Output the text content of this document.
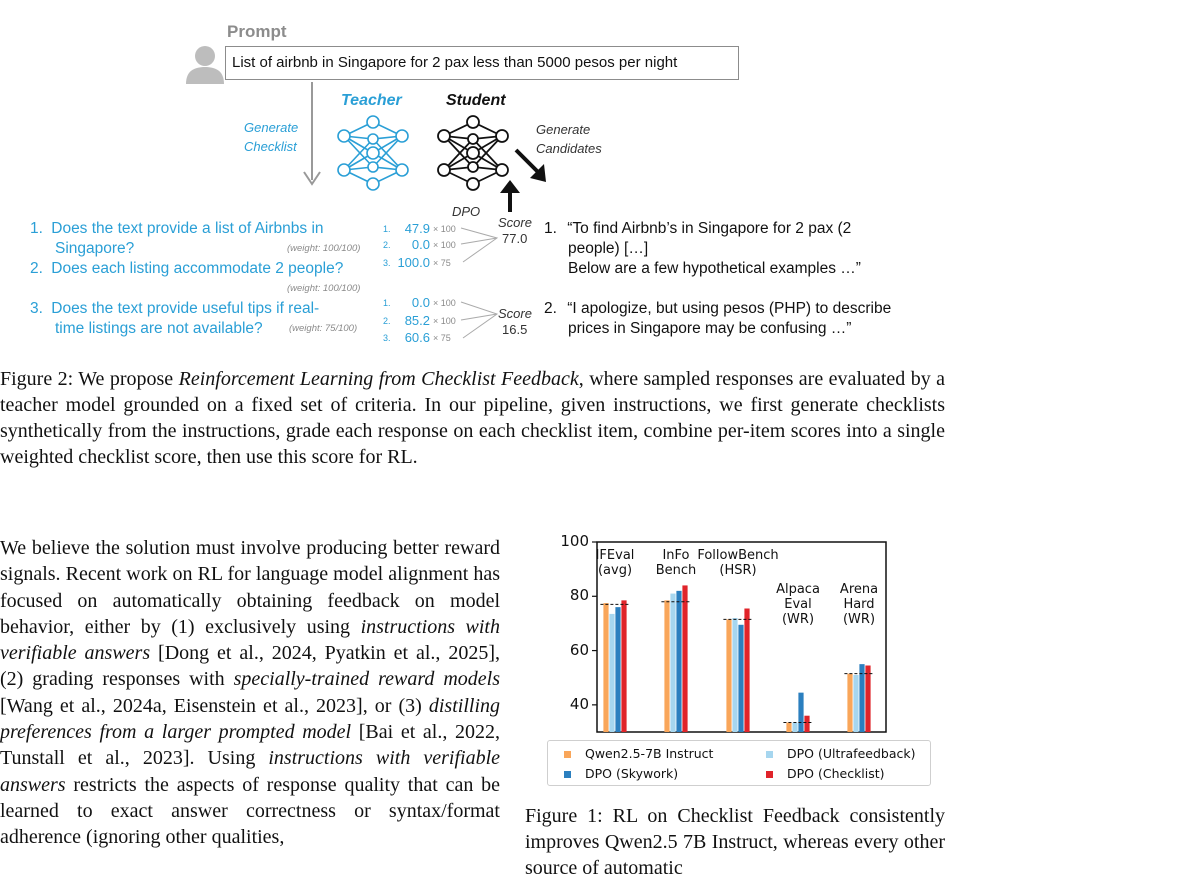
Prompt
List of airbnb in Singapore for 2 pax less than 5000 pesos per night
Teacher	Student
Generate
Checklist
Generate
Candidates
DPO
1. Does the text provide a list of Airbnbs in
Singapore?	(weight: 100/100)
2. Does each listing accommodate 2 people?
(weight: 100/100)
3. Does the text provide useful tips if real-
time listings are not available?	(weight: 75/100)
1.	47.9 × 100
2.	0.0 × 100
3. 100.0 × 75
Score
77.0
1.	0.0 × 100
2.	85.2 × 100
3.	60.6 × 75
Score
16.5
1. “To find Airbnb’s in Singapore for 2 pax (2
people) […]
Below are a few hypothetical examples …”
2. “I apologize, but using pesos (PHP) to describe
prices in Singapore may be confusing …”
Figure 2: We propose Reinforcement Learning from Checklist Feedback, where sampled responses are evaluated by a teacher model grounded on a fixed set of criteria. In our pipeline, given instructions, we first generate checklists synthetically from the instructions, grade each response on each checklist item, combine per-item scores into a single weighted checklist score, then use this score for RL.
We believe the solution must involve producing better reward signals. Recent work on RL for language model alignment has focused on automatically obtaining feedback on model behavior, either by (1) exclusively using instructions with verifiable answers [Dong et al., 2024, Pyatkin et al., 2025], (2) grading responses with specially-trained reward models [Wang et al., 2024a, Eisenstein et al., 2023], or (3) distilling preferences from a larger prompted model [Bai et al., 2022, Tunstall et al., 2023]. Using instructions with verifiable answers restricts the aspects of response quality that can be learned to exact answer correctness or syntax/format adherence (ignoring other qualities,
40
60
80
100
IFEval
(avg)
InFo
Bench
FollowBench
(HSR)
Alpaca
Eval
(WR)
Arena
Hard
(WR)
Qwen2.5-7B Instruct	DPO (Ultrafeedback)
DPO (Skywork)	DPO (Checklist)
Figure 1: RL on Checklist Feedback consistently improves Qwen2.5 7B Instruct, whereas every other source of automatic
